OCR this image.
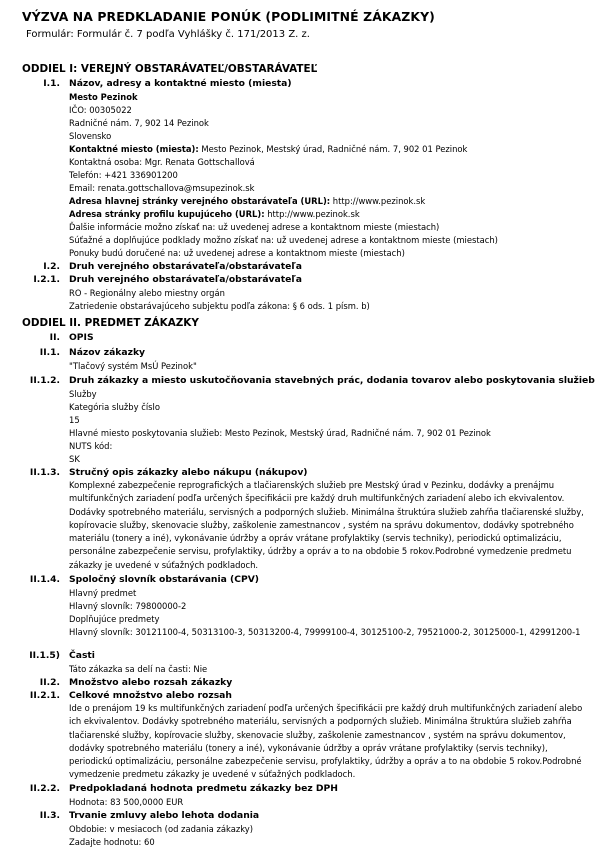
VÝZVA NA PREDKLADANIE PONÚK (PODLIMITNÉ ZÁKAZKY)
Formulár: Formulár č. 7 podľa Vyhlášky č. 171/2013 Z. z.
ODDIEL I: VEREJNÝ OBSTARÁVATEĽ/OBSTARÁVATEĽ
I.1. Názov, adresy a kontaktné miesto (miesta)
Mesto Pezinok
IČO: 00305022
Radničné nám. 7, 902 14 Pezinok
Slovensko
Kontaktné miesto (miesta): Mesto Pezinok, Mestský úrad, Radničné nám. 7, 902 01 Pezinok
Kontaktná osoba: Mgr. Renata Gottschallová
Telefón: +421 336901200
Email: renata.gottschallova@msupezinok.sk
Adresa hlavnej stránky verejného obstarávateľa (URL): http://www.pezinok.sk
Adresa stránky profilu kupujúceho (URL): http://www.pezinok.sk
Ďalšie informácie možno získať na: už uvedenej adrese a kontaktnom mieste (miestach)
Súťažné a doplňujúce podklady možno získať na: už uvedenej adrese a kontaktnom mieste (miestach)
Ponuky budú doručené na: už uvedenej adrese a kontaktnom mieste (miestach)
I.2. Druh verejného obstarávateľa/obstarávateľa
I.2.1. Druh verejného obstarávateľa/obstarávateľa
RO - Regionálny alebo miestny orgán
Zatriedenie obstarávajúceho subjektu podľa zákona: § 6 ods. 1 písm. b)
ODDIEL II. PREDMET ZÁKAZKY
II. OPIS
II.1. Názov zákazky
"Tlačový systém MsÚ Pezinok"
II.1.2. Druh zákazky a miesto uskutočňovania stavebných prác, dodania tovarov alebo poskytovania služieb
Služby
Kategória služby číslo
15
Hlavné miesto poskytovania služieb: Mesto Pezinok, Mestský úrad, Radničné nám. 7, 902 01 Pezinok
NUTS kód:
SK
II.1.3. Stručný opis zákazky alebo nákupu (nákupov)
Komplexné zabezpečenie reprografických a tlačiarenských služieb pre Mestský úrad v Pezinku, dodávky a prenájmu multifunkčných zariadení podľa určených špecifikácii pre každý druh multifunkčných zariadení alebo ich ekvivalentov. Dodávky spotrebného materiálu, servisných a podporných služieb. Minimálna štruktúra služieb zahŕňa tlačiarenské služby, kopírovacie služby, skenovacie služby, zaškolenie zamestnancov , systém na správu dokumentov, dodávky spotrebného materiálu (tonery a iné), vykonávanie údržby a opráv vrátane profylaktiky (servis techniky), periodickú optimalizáciu, personálne zabezpečenie servisu, profylaktiky, údržby a opráv a to na obdobie 5 rokov.Podrobné vymedzenie predmetu zákazky je uvedené v súťažných podkladoch.
II.1.4. Spoločný slovník obstarávania (CPV)
Hlavný predmet
Hlavný slovník: 79800000-2
Doplňujúce predmety
Hlavný slovník: 30121100-4, 50313100-3, 50313200-4, 79999100-4, 30125100-2, 79521000-2, 30125000-1, 42991200-1
II.1.5) Časti
Táto zákazka sa delí na časti: Nie
II.2. Množstvo alebo rozsah zákazky
II.2.1. Celkové množstvo alebo rozsah
Ide o prenájom 19 ks multifunkčných zariadení podľa určených špecifikácii pre každý druh multifunkčných zariadení alebo ich ekvivalentov. Dodávky spotrebného materiálu, servisných a podporných služieb. Minimálna štruktúra služieb zahŕňa tlačiarenské služby, kopírovacie služby, skenovacie služby, zaškolenie zamestnancov , systém na správu dokumentov, dodávky spotrebného materiálu (tonery a iné), vykonávanie údržby a opráv vrátane profylaktiky (servis techniky), periodickú optimalizáciu, personálne zabezpečenie servisu, profylaktiky, údržby a opráv a to na obdobie 5 rokov.Podrobné vymedzenie predmetu zákazky je uvedené v súťažných podkladoch.
II.2.2. Predpokladaná hodnota predmetu zákazky bez DPH
Hodnota: 83 500,0000 EUR
II.3. Trvanie zmluvy alebo lehota dodania
Obdobie: v mesiacoch (od zadania zákazky)
Zadajte hodnotu: 60
